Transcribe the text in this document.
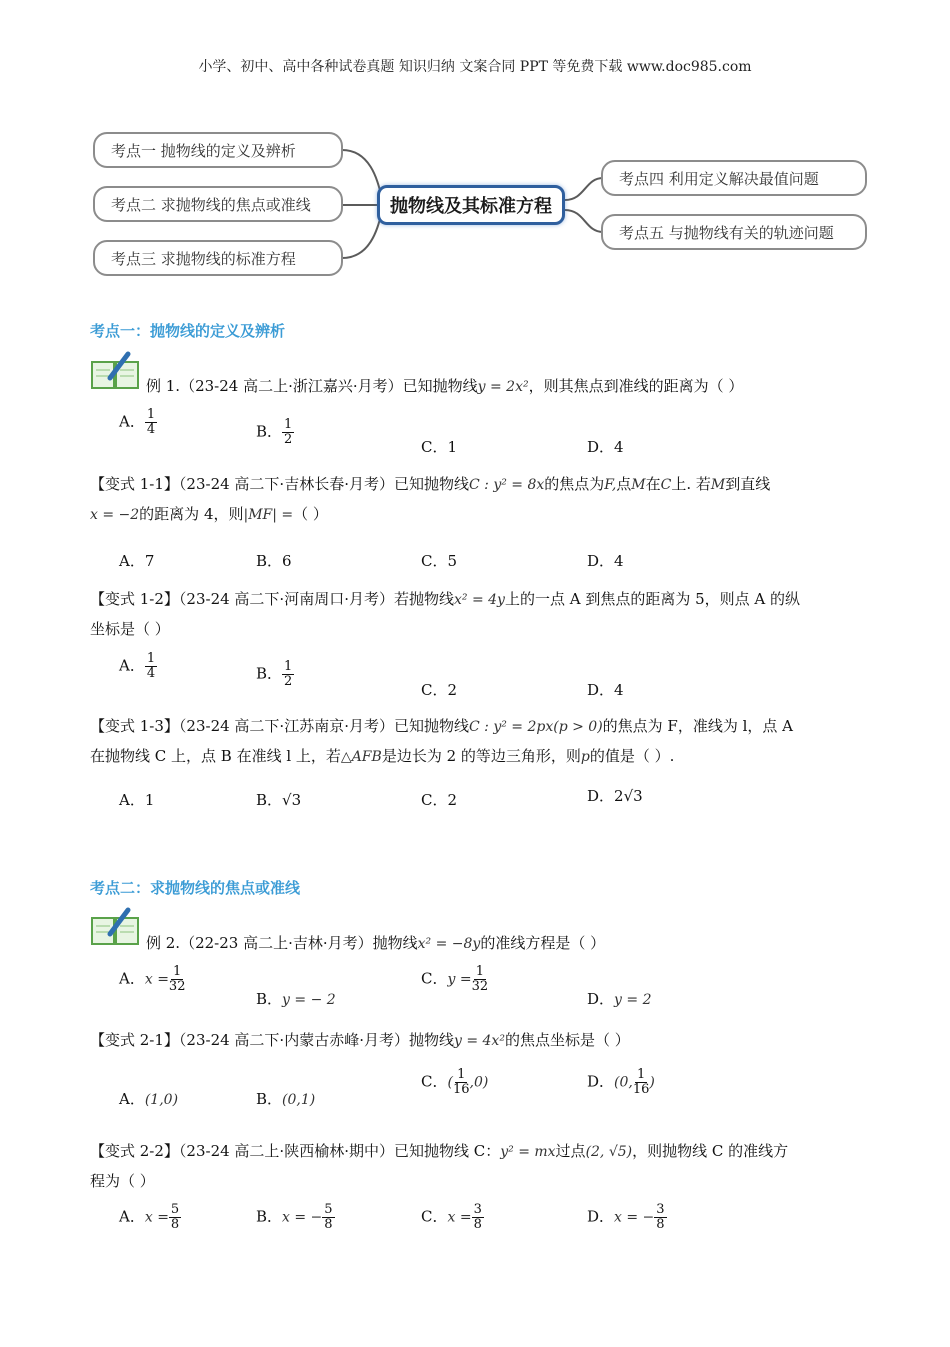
小学、初中、高中各种试卷真题 知识归纳 文案合同 PPT 等免费下载 www.doc985.com
考点一 抛物线的定义及辨析
考点二 求抛物线的焦点或准线
考点三 求抛物线的标准方程
抛物线及其标准方程
考点四 利用定义解决最值问题
考点五 与抛物线有关的轨迹问题
考点一：抛物线的定义及辨析
例 1.（23-24 高二上·浙江嘉兴·月考）已知抛物线y = 2x²，则其焦点到准线的距离为（ ）
A． $\frac{1}{4}$	B． $\frac{1}{2}$	C．1	D．4
【变式 1-1】（23-24 高二下·吉林长春·月考）已知抛物线C : y² = 8x的焦点为F,点M在C上. 若M到直线
x = −2的距离为 4，则|MF| =（ ）
A．7	B．6	C．5	D．4
【变式 1-2】（23-24 高二下·河南周口·月考）若抛物线x² = 4y上的一点 A 到焦点的距离为 5，则点 A 的纵
坐标是（ ）
A． $\frac{1}{4}$	B． $\frac{1}{2}$
C．2	D．4
【变式 1-3】（23-24 高二下·江苏南京·月考）已知抛物线C : y² = 2px(p > 0)的焦点为 F，准线为 l，点 A
在抛物线 C 上，点 B 在准线 l 上，若△AFB是边长为 2 的等边三角形，则p的值是（ ）.
A．1	B．√3	C．2	D．2√3
考点二：求抛物线的焦点或准线
例 2.（22-23 高二上·吉林·月考）抛物线x² = −8y的准线方程是（ ）
A．$x = \frac{1}{32}$
B．y = − 2
C．$y = \frac{1}{32}$
D．y = 2
【变式 2-1】（23-24 高二下·内蒙古赤峰·月考）抛物线y = 4x²的焦点坐标是（ ）
A．(1,0)	B．(0,1)
C．( $\frac{1}{16} ,0$)	D．(0, $\frac{1}{16}$ )
【变式 2-2】（23-24 高二上·陕西榆林·期中）已知抛物线 C：y² = mx过点(2, √5)，则抛物线 C 的准线方
程为（ ）
A．$x = \frac{5}{8}$	B．x = − $\frac{5}{8}$	C．$x = \frac{3}{8}$	D．x = − $\frac{3}{8}$
